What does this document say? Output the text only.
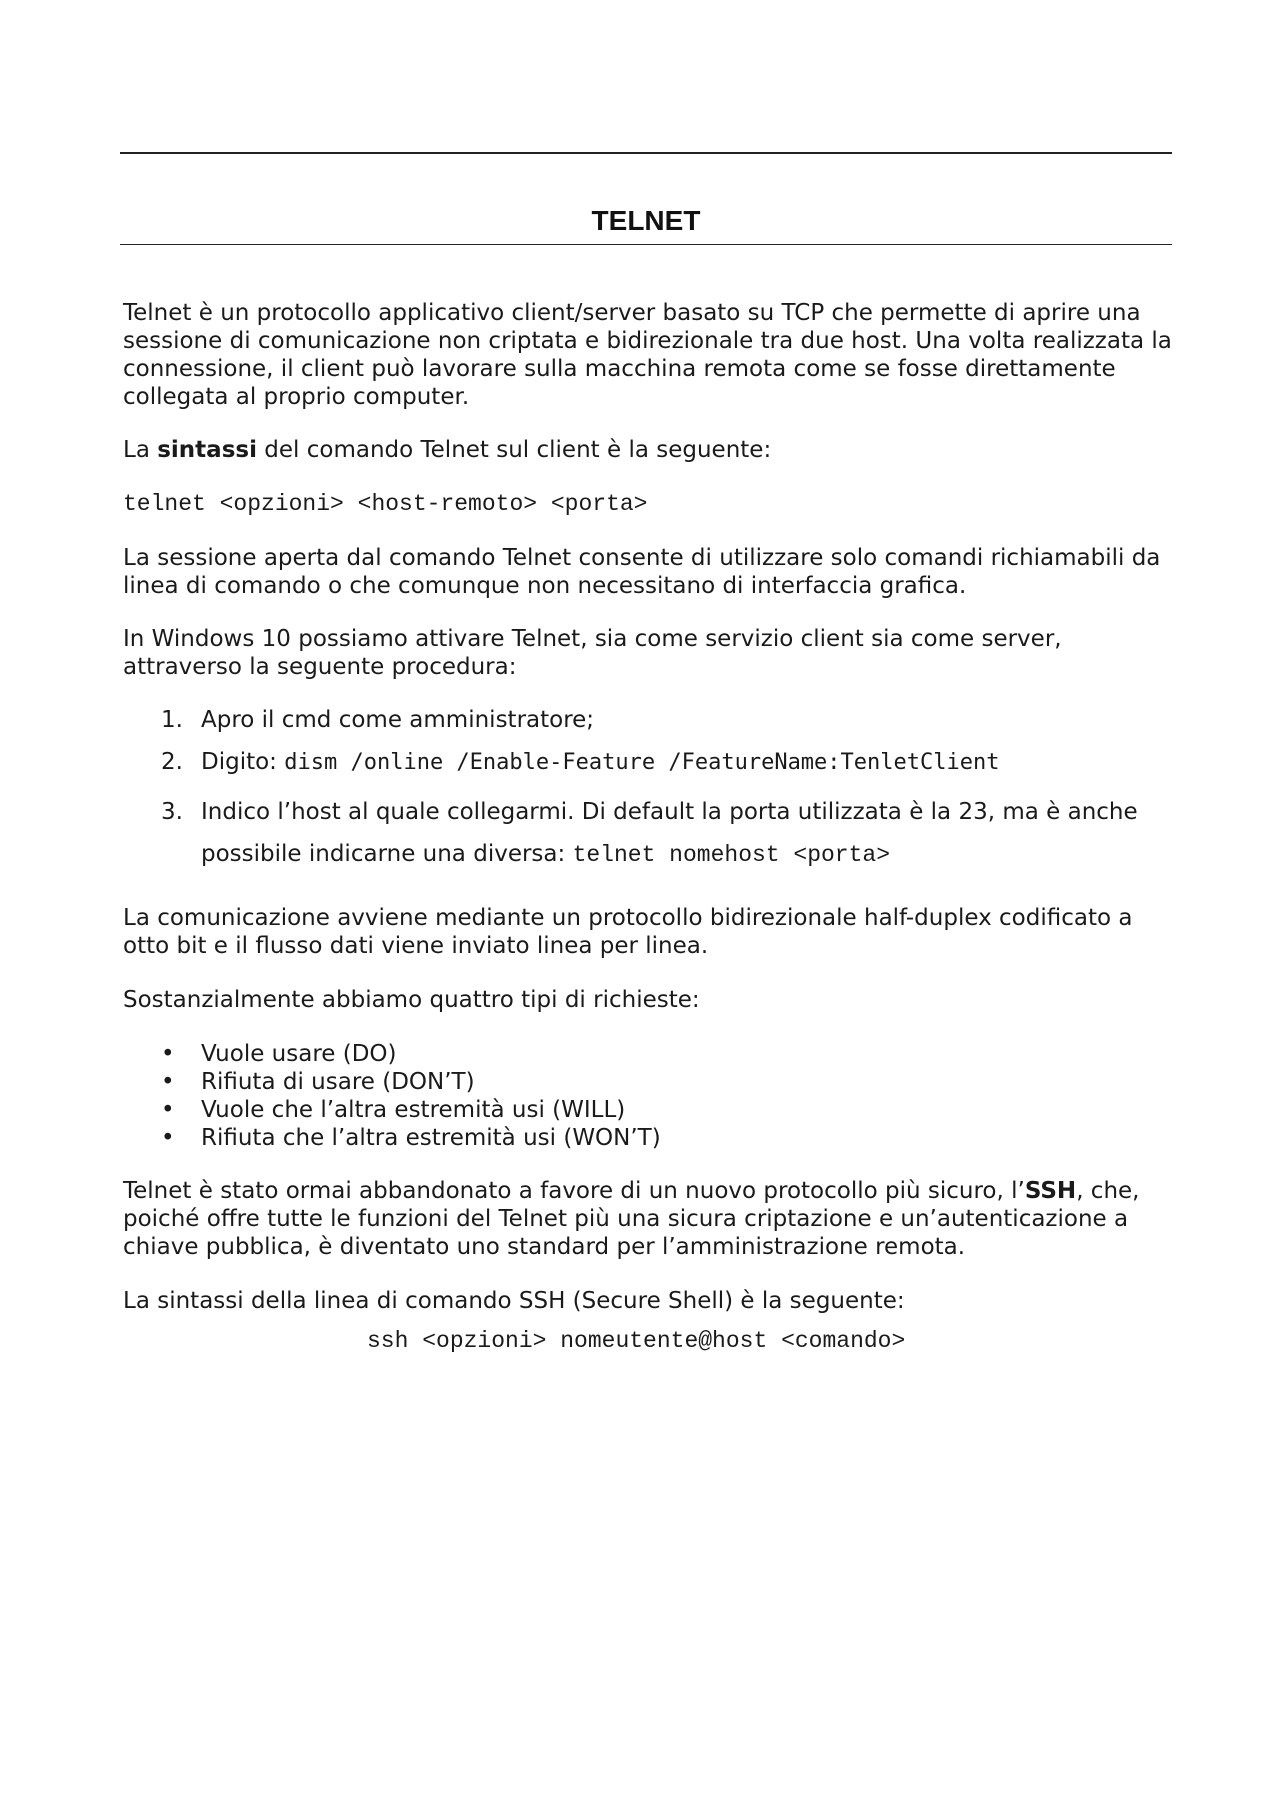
TELNET

Telnet è un protocollo applicativo client/server basato su TCP che permette di aprire una sessione di comunicazione non criptata e bidirezionale tra due host. Una volta realizzata la connessione, il client può lavorare sulla macchina remota come se fosse direttamente collegata al proprio computer.

La sintassi del comando Telnet sul client è la seguente:

telnet <opzioni> <host-remoto> <porta>

La sessione aperta dal comando Telnet consente di utilizzare solo comandi richiamabili da linea di comando o che comunque non necessitano di interfaccia grafica.

In Windows 10 possiamo attivare Telnet, sia come servizio client sia come server, attraverso la seguente procedura:

1. Apro il cmd come amministratore;
2. Digito: dism /online /Enable-Feature /FeatureName:TenletClient
3. Indico l’host al quale collegarmi. Di default la porta utilizzata è la 23, ma è anche possibile indicarne una diversa: telnet nomehost <porta>

La comunicazione avviene mediante un protocollo bidirezionale half-duplex codificato a otto bit e il flusso dati viene inviato linea per linea.

Sostanzialmente abbiamo quattro tipi di richieste:

• Vuole usare (DO)
• Rifiuta di usare (DON’T)
• Vuole che l’altra estremità usi (WILL)
• Rifiuta che l’altra estremità usi (WON’T)

Telnet è stato ormai abbandonato a favore di un nuovo protocollo più sicuro, l’SSH, che, poiché offre tutte le funzioni del Telnet più una sicura criptazione e un’autenticazione a chiave pubblica, è diventato uno standard per l’amministrazione remota.

La sintassi della linea di comando SSH (Secure Shell) è la seguente:

ssh <opzioni> nomeutente@host <comando>
